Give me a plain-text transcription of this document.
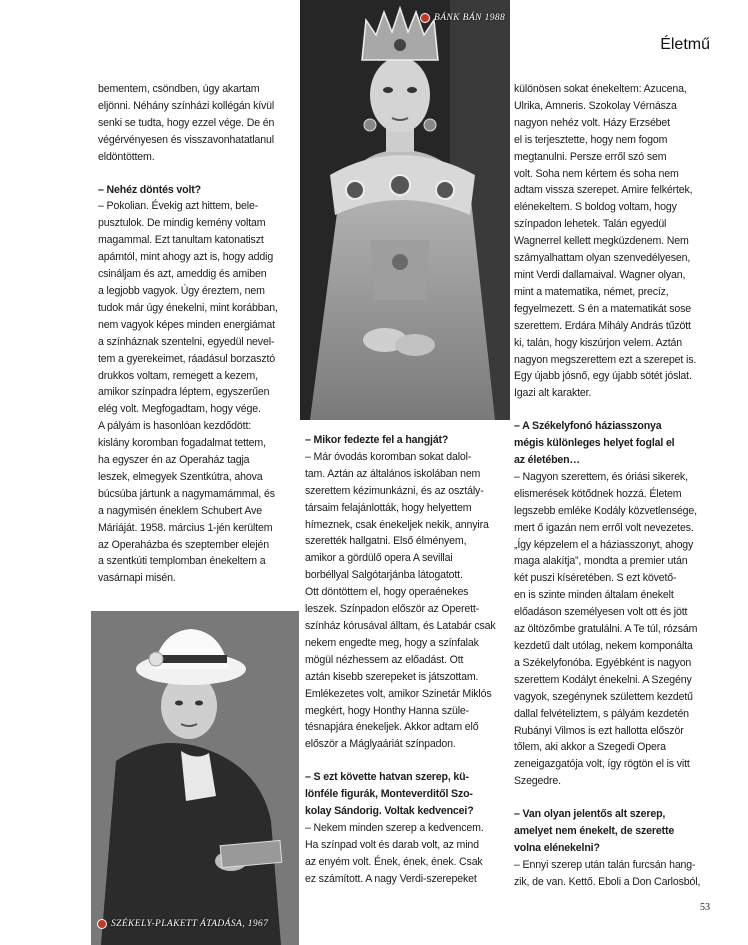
Életmű
BÁNK BÁN 1988
SZÉKELY-PLAKETT ÁTADÁSA, 1967

bementem, csöndben, úgy akartam

eljönni. Néhány színházi kollégán kívül

senki se tudta, hogy ezzel vége. De én

végérvényesen és visszavonhatatlanul

eldöntöttem.

– Nehéz döntés volt?

– Pokolian. Évekig azt hittem, bele-

pusztulok. De mindig kemény voltam

magammal. Ezt tanultam katonatiszt

apámtól, mint ahogy azt is, hogy addig

csináljam és azt, ameddig és amiben

a legjobb vagyok. Úgy éreztem, nem

tudok már úgy énekelni, mint korábban,

nem vagyok képes minden energiámat

a színháznak szentelni, egyedül nevel-

tem a gyerekeimet, ráadásul borzasztó

drukkos voltam, remegett a kezem,

amikor színpadra léptem, egyszerűen

elég volt. Megfogadtam, hogy vége.

A pályám is hasonlóan kezdődött:

kislány koromban fogadalmat tettem,

ha egyszer én az Operaház tagja

leszek, elmegyek Szentkútra, ahova

búcsúba jártunk a nagymamámmal, és

a nagymisén éneklem Schubert Ave

Máriáját. 1958. március 1-jén kerültem

az Operaházba és szeptember elején

a szentkúti templomban énekeltem a

vasárnapi misén.

– Mikor fedezte fel a hangját?

– Már óvodás koromban sokat dalol-

tam. Aztán az általános iskolában nem

szerettem kézimunkázni, és az osztály-

társaim felajánlották, hogy helyettem

hímeznek, csak énekeljek nekik, annyira

szerették hallgatni. Első élményem,

amikor a gördülő opera A sevillai

borbéllyal Salgótarjánba látogatott.

Ott döntöttem el, hogy operaénekes

leszek. Színpadon először az Operett-

színház kórusával álltam, és Latabár csak

nekem engedte meg, hogy a színfalak

mögül nézhessem az előadást. Ott

aztán kisebb szerepeket is játszottam.

Emlékezetes volt, amikor Szinetár Miklós

megkért, hogy Honthy Hanna szüle-

tésnapjára énekeljek. Akkor adtam elő

először a Máglyaáriát színpadon.

– S ezt követte hatvan szerep, kü-

lönféle figurák, Monteverditől Szo-

kolay Sándorig. Voltak kedvencei?

– Nekem minden szerep a kedvencem.

Ha színpad volt és darab volt, az mind

az enyém volt. Ének, ének, ének. Csak

ez számított. A nagy Verdi-szerepeket

különösen sokat énekeltem: Azucena,

Ulrika, Amneris. Szokolay Vérnásza

nagyon nehéz volt. Házy Erzsébet

el is terjesztette, hogy nem fogom

megtanulni. Persze erről szó sem

volt. Soha nem kértem és soha nem

adtam vissza szerepet. Amire felkértek,

elénekeltem. S boldog voltam, hogy

színpadon lehetek. Talán egyedül

Wagnerrel kellett megküzdenem. Nem

számyalhattam olyan szenvedélyesen,

mint Verdi dallamaival. Wagner olyan,

mint a matematika, német, precíz,

fegyelmezett. S én a matematikát sose

szerettem. Erdára Mihály András tűzött

ki, talán, hogy kiszúrjon velem. Aztán

nagyon megszerettem ezt a szerepet is.

Egy újabb jósnő, egy újabb sötét jóslat.

Igazi alt karakter.

– A Székelyfonó háziasszonya

mégis különleges helyet foglal el

az életében…

– Nagyon szerettem, és óriási sikerek,

elismerések kötődnek hozzá. Életem

legszebb emléke Kodály közvetlensége,

mert ő igazán nem erről volt nevezetes.

„Így képzelem el a háziasszonyt, ahogy

maga alakítja”, mondta a premier után

két puszi kíséretében. S ezt követő-

en is szinte minden általam énekelt

előadáson személyesen volt ott és jött

az öltözőmbe gratulálni. A Te túl, rózsám

kezdetű dalt utólag, nekem komponálta

a Székelyfonóba. Egyébként is nagyon

szerettem Kodályt énekelni. A Szegény

vagyok, szegénynek születtem kezdetű

dallal felvételiztem, s pályám kezdetén

Rubányi Vilmos is ezt hallotta először

tőlem, aki akkor a Szegedi Opera

zeneigazgatója volt, így rögtön el is vitt

Szegedre.

– Van olyan jelentős alt szerep,

amelyet nem énekelt, de szerette

volna elénekelni?

– Ennyi szerep után talán furcsán hang-

zik, de van. Kettő. Eboli a Don Carlosból,

53
